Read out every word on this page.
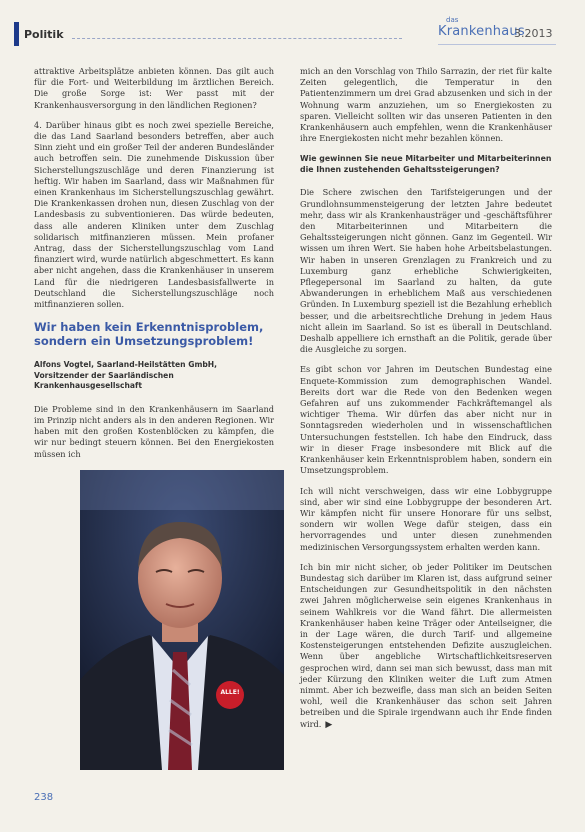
Politik
das
Krankenhaus
3.2013

attraktive Arbeitsplätze anbieten können. Das gilt auch für die Fort- und Weiterbildung im ärztlichen Bereich. Die große Sorge ist: Wer passt mit der Krankenhausversorgung in den ländlichen Regionen?

4. Darüber hinaus gibt es noch zwei spezielle Bereiche, die das Land Saarland besonders betreffen, aber auch Sinn zieht und ein großer Teil der anderen Bundesländer auch betroffen sein. Die zunehmende Diskussion über Sicherstellungszuschläge und deren Finanzierung ist heftig. Wir haben im Saarland, dass wir Maßnahmen für einen Krankenhaus im Sicherstellungszuschlag gewährt. Die Krankenkassen drohen nun, diesen Zuschlag von der Landesbasis zu subventionieren. Das würde bedeuten, dass alle anderen Kliniken unter dem Zuschlag solidarisch mitfinanzieren müssen. Mein profaner Antrag, dass der Sicherstellungszuschlag vom Land finanziert wird, wurde natürlich abgeschmettert. Es kann aber nicht angehen, dass die Krankenhäuser in unserem Land für die niedrigeren Landesbasisfallwerte in Deutschland die Sicherstellungszuschläge noch mitfinanzieren sollen.

Wir haben kein Erkenntnisproblem, sondern ein Umsetzungsproblem!
Alfons Vogtel, Saarland-Heilstätten GmbH, Vorsitzender der Saarländischen Krankenhausgesellschaft

Die Probleme sind in den Krankenhäusern im Saarland im Prinzip nicht anders als in den anderen Regionen. Wir haben mit den großen Kostenblöcken zu kämpfen, die wir nur bedingt steuern können. Bei den Energiekosten müssen ich

ALLE!

mich an den Vorschlag von Thilo Sarrazin, der riet für kalte Zeiten gelegentlich, die Temperatur in den Patientenzimmern um drei Grad abzusenken und sich in der Wohnung warm anzuziehen, um so Energiekosten zu sparen. Vielleicht sollten wir das unseren Patienten in den Krankenhäusern auch empfehlen, wenn die Krankenhäuser ihre Energiekosten nicht mehr bezahlen können.

Wie gewinnen Sie neue Mitarbeiter und Mitarbeiterinnen die Ihnen zustehenden Gehaltssteigerungen?

Die Schere zwischen den Tarifsteigerungen und der Grundlohnsummensteigerung der letzten Jahre bedeutet mehr, dass wir als Krankenhausträger und -geschäftsführer den Mitarbeiterinnen und Mitarbeitern die Gehaltssteigerungen nicht gönnen. Ganz im Gegenteil. Wir wissen um ihren Wert. Sie haben hohe Arbeitsbelastungen. Wir haben in unseren Grenzlagen zu Frankreich und zu Luxemburg ganz erhebliche Schwierigkeiten, Pflegepersonal im Saarland zu halten, da gute Abwanderungen in erheblichem Maß aus verschiedenen Gründen. In Luxemburg speziell ist die Bezahlung erheblich besser, und die arbeitsrechtliche Drehung in jedem Haus nicht allein im Saarland. So ist es überall in Deutschland. Deshalb appelliere ich ernsthaft an die Politik, gerade über die Ausgleiche zu sorgen.

Es gibt schon vor Jahren im Deutschen Bundestag eine Enquete-Kommission zum demographischen Wandel. Bereits dort war die Rede von den Bedenken wegen Gefahren auf uns zukommender Fachkräftemangel als wichtiger Thema. Wir dürfen das aber nicht nur in Sonntagsreden wiederholen und in wissenschaftlichen Untersuchungen feststellen. Ich habe den Eindruck, dass wir in dieser Frage insbesondere mit Blick auf die Krankenhäuser kein Erkenntnisproblem haben, sondern ein Umsetzungsproblem.

Ich will nicht verschweigen, dass wir eine Lobbygruppe sind, aber wir sind eine Lobbygruppe der besonderen Art. Wir kämpfen nicht für unsere Honorare für uns selbst, sondern wir wollen Wege dafür steigen, dass ein hervorragendes und unter diesen zunehmenden medizinischen Versorgungssystem erhalten werden kann.

Ich bin mir nicht sicher, ob jeder Politiker im Deutschen Bundestag sich darüber im Klaren ist, dass aufgrund seiner Entscheidungen zur Gesundheitspolitik in den nächsten zwei Jahren möglicherweise sein eigenes Krankenhaus in seinem Wahlkreis vor die Wand fährt. Die allermeisten Krankenhäuser haben keine Träger oder Anteilseigner, die in der Lage wären, die durch Tarif- und allgemeine Kostensteigerungen entstehenden Defizite auszugleichen. Wenn über angebliche Wirtschaftlichkeitsreserven gesprochen wird, dann sei man sich bewusst, dass man mit jeder Kürzung den Kliniken weiter die Luft zum Atmen nimmt. Aber ich bezweifle, dass man sich an beiden Seiten wohl, weil die Krankenhäuser das schon seit Jahren betreiben und die Spirale irgendwann auch ihr Ende finden wird. ▶

238
